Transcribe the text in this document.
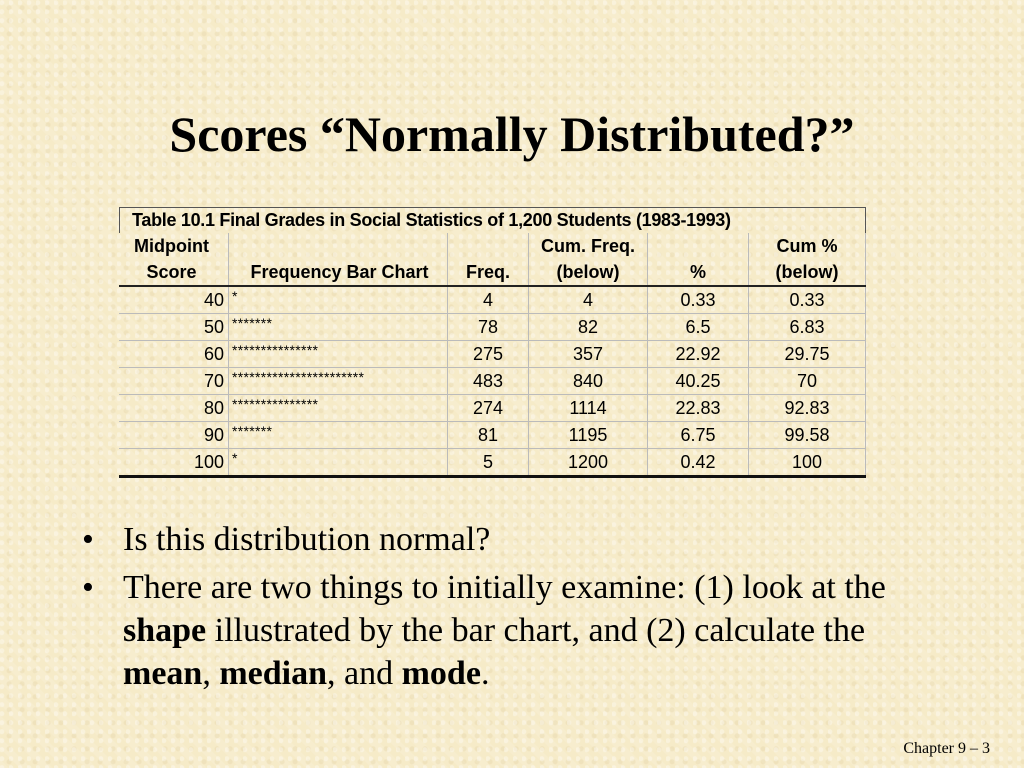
Scores “Normally Distributed?”
Table 10.1 Final Grades in Social Statistics of 1,200 Students (1983-1993)
Midpoint			Cum. Freq.		Cum %
Score	Frequency Bar Chart	Freq.	(below)	%	(below)
40	*	4	4	0.33	0.33
50	*******	78	82	6.5	6.83
60	***************	275	357	22.92	29.75
70	***********************	483	840	40.25	70
80	***************	274	1114	22.83	92.83
90	*******	81	1195	6.75	99.58
100	*	5	1200	0.42	100
• Is this distribution normal?
• There are two things to initially examine: (1) look at the shape illustrated by the bar chart, and (2) calculate the mean, median, and mode.
Chapter 9 – 3
